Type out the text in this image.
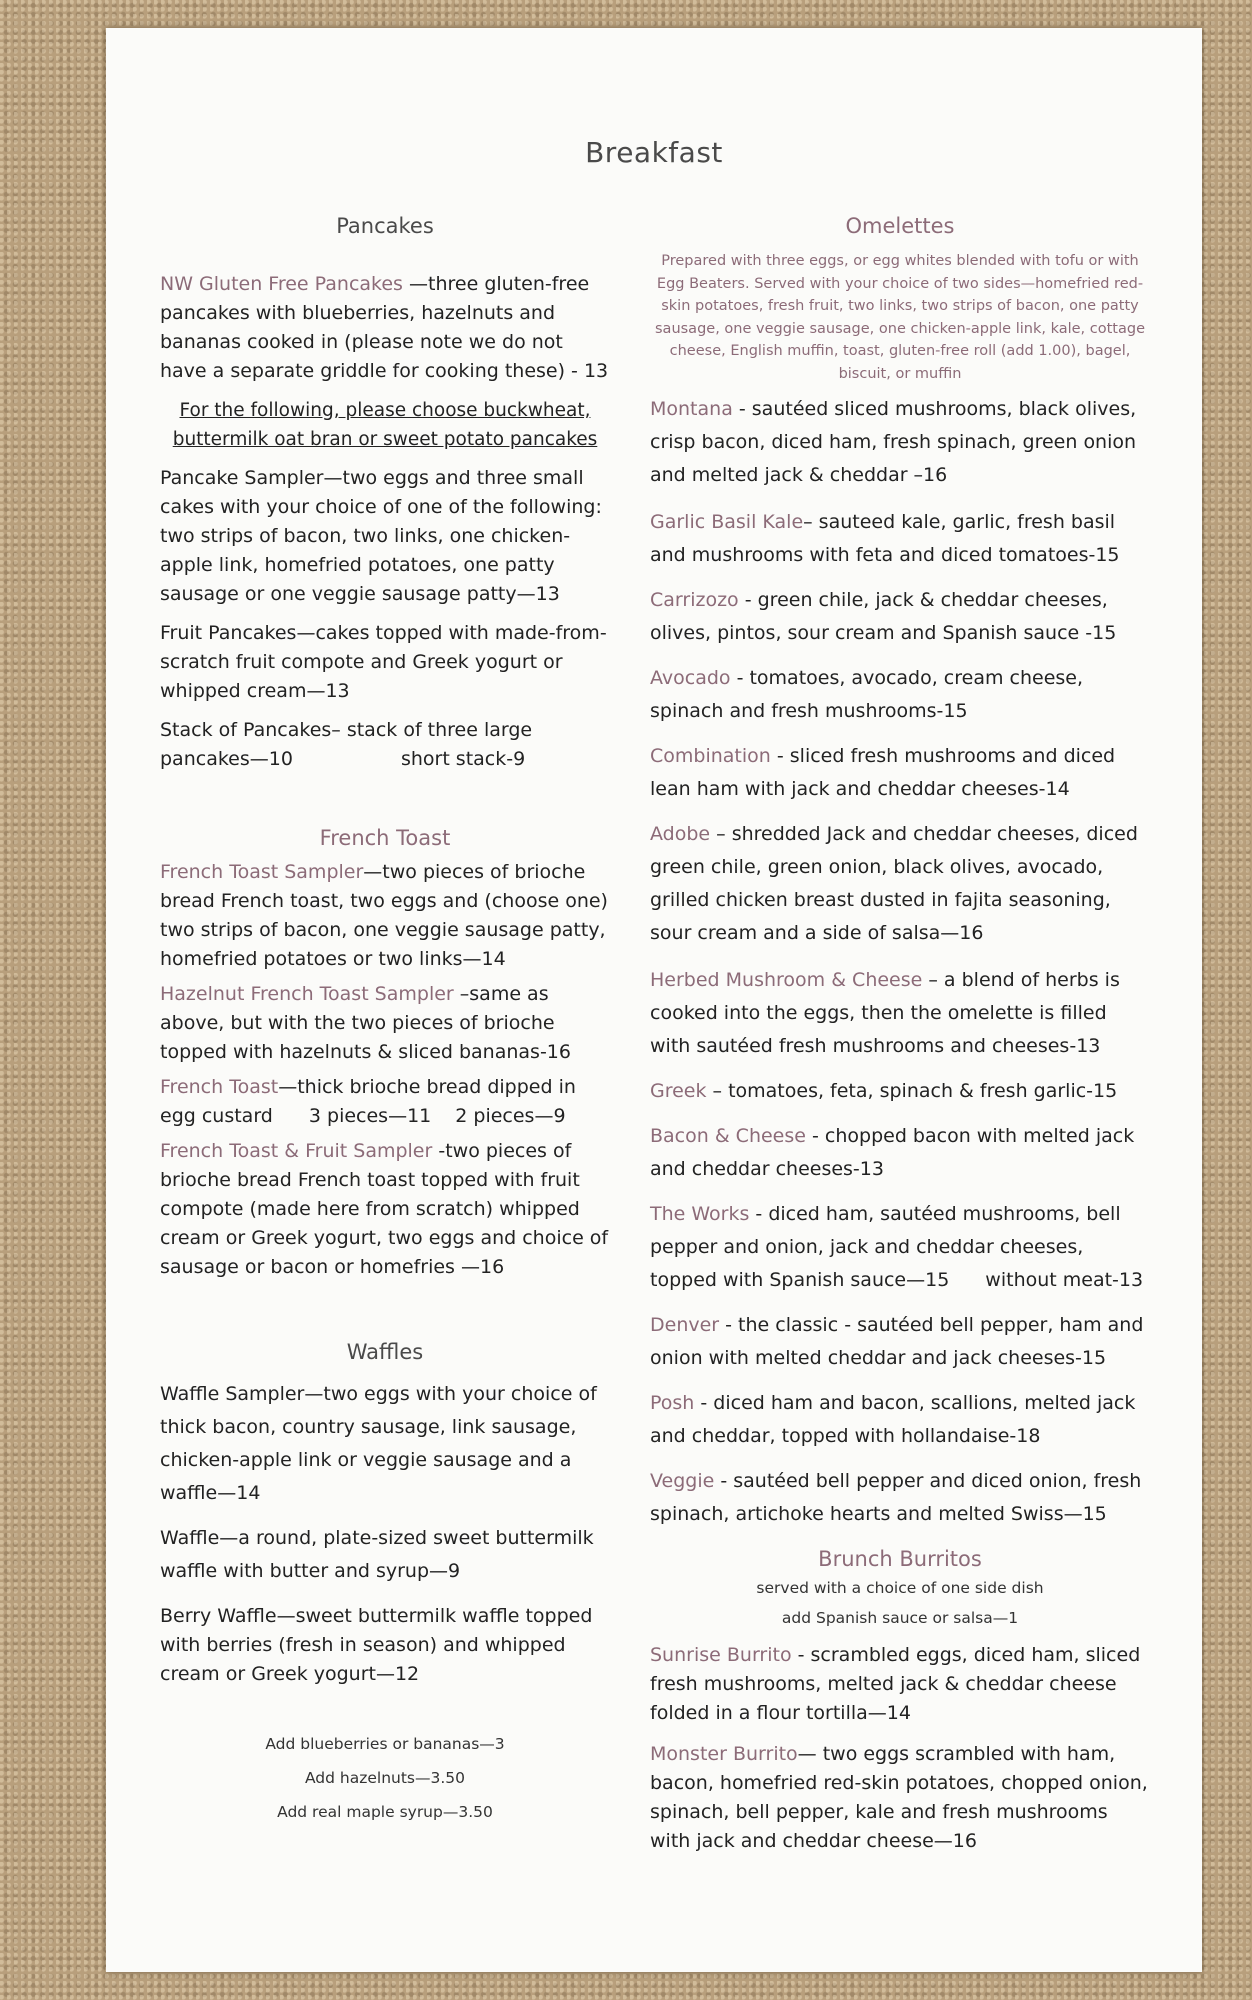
Breakfast

Pancakes

NW Gluten Free Pancakes —three gluten-free pancakes with blueberries, hazelnuts and bananas cooked in (please note we do not have a separate griddle for cooking these) - 13

For the following, please choose buckwheat, buttermilk oat bran or sweet potato pancakes

Pancake Sampler—two eggs and three small cakes with your choice of one of the following: two strips of bacon, two links, one chicken-apple link, homefried potatoes, one patty sausage or one veggie sausage patty—13

Fruit Pancakes—cakes topped with made-from-scratch fruit compote and Greek yogurt or whipped cream—13

Stack of Pancakes– stack of three large pancakes—10	short stack-9

French Toast

French Toast Sampler—two pieces of brioche bread French toast, two eggs and (choose one) two strips of bacon, one veggie sausage patty, homefried potatoes or two links—14

Hazelnut French Toast Sampler –same as above, but with the two pieces of brioche topped with hazelnuts & sliced bananas-16

French Toast—thick brioche bread dipped in egg custard 3 pieces—11 2 pieces—9

French Toast & Fruit Sampler -two pieces of brioche bread French toast topped with fruit compote (made here from scratch) whipped cream or Greek yogurt, two eggs and choice of sausage or bacon or homefries —16

Waffles

Waffle Sampler—two eggs with your choice of thick bacon, country sausage, link sausage, chicken-apple link or veggie sausage and a waffle—14

Waffle—a round, plate-sized sweet buttermilk waffle with butter and syrup—9

Berry Waffle—sweet buttermilk waffle topped with berries (fresh in season) and whipped cream or Greek yogurt—12

Add blueberries or bananas—3

Add hazelnuts—3.50

Add real maple syrup—3.50

Omelettes

Prepared with three eggs, or egg whites blended with tofu or with Egg Beaters. Served with your choice of two sides—homefried red-skin potatoes, fresh fruit, two links, two strips of bacon, one patty sausage, one veggie sausage, one chicken-apple link, kale, cottage cheese, English muffin, toast, gluten-free roll (add 1.00), bagel, biscuit, or muffin

Montana - sautéed sliced mushrooms, black olives, crisp bacon, diced ham, fresh spinach, green onion and melted jack & cheddar –16

Garlic Basil Kale– sauteed kale, garlic, fresh basil and mushrooms with feta and diced tomatoes-15

Carrizozo - green chile, jack & cheddar cheeses, olives, pintos, sour cream and Spanish sauce -15

Avocado - tomatoes, avocado, cream cheese, spinach and fresh mushrooms-15

Combination - sliced fresh mushrooms and diced lean ham with jack and cheddar cheeses-14

Adobe – shredded Jack and cheddar cheeses, diced green chile, green onion, black olives, avocado, grilled chicken breast dusted in fajita seasoning, sour cream and a side of salsa—16

Herbed Mushroom & Cheese – a blend of herbs is cooked into the eggs, then the omelette is filled with sautéed fresh mushrooms and cheeses-13

Greek – tomatoes, feta, spinach & fresh garlic-15

Bacon & Cheese - chopped bacon with melted jack and cheddar cheeses-13

The Works - diced ham, sautéed mushrooms, bell pepper and onion, jack and cheddar cheeses, topped with Spanish sauce—15 without meat-13

Denver - the classic - sautéed bell pepper, ham and onion with melted cheddar and jack cheeses-15

Posh - diced ham and bacon, scallions, melted jack and cheddar, topped with hollandaise-18

Veggie - sautéed bell pepper and diced onion, fresh spinach, artichoke hearts and melted Swiss—15

Brunch Burritos

served with a choice of one side dish

add Spanish sauce or salsa—1

Sunrise Burrito - scrambled eggs, diced ham, sliced fresh mushrooms, melted jack & cheddar cheese folded in a flour tortilla—14

Monster Burrito— two eggs scrambled with ham, bacon, homefried red-skin potatoes, chopped onion, spinach, bell pepper, kale and fresh mushrooms with jack and cheddar cheese—16
